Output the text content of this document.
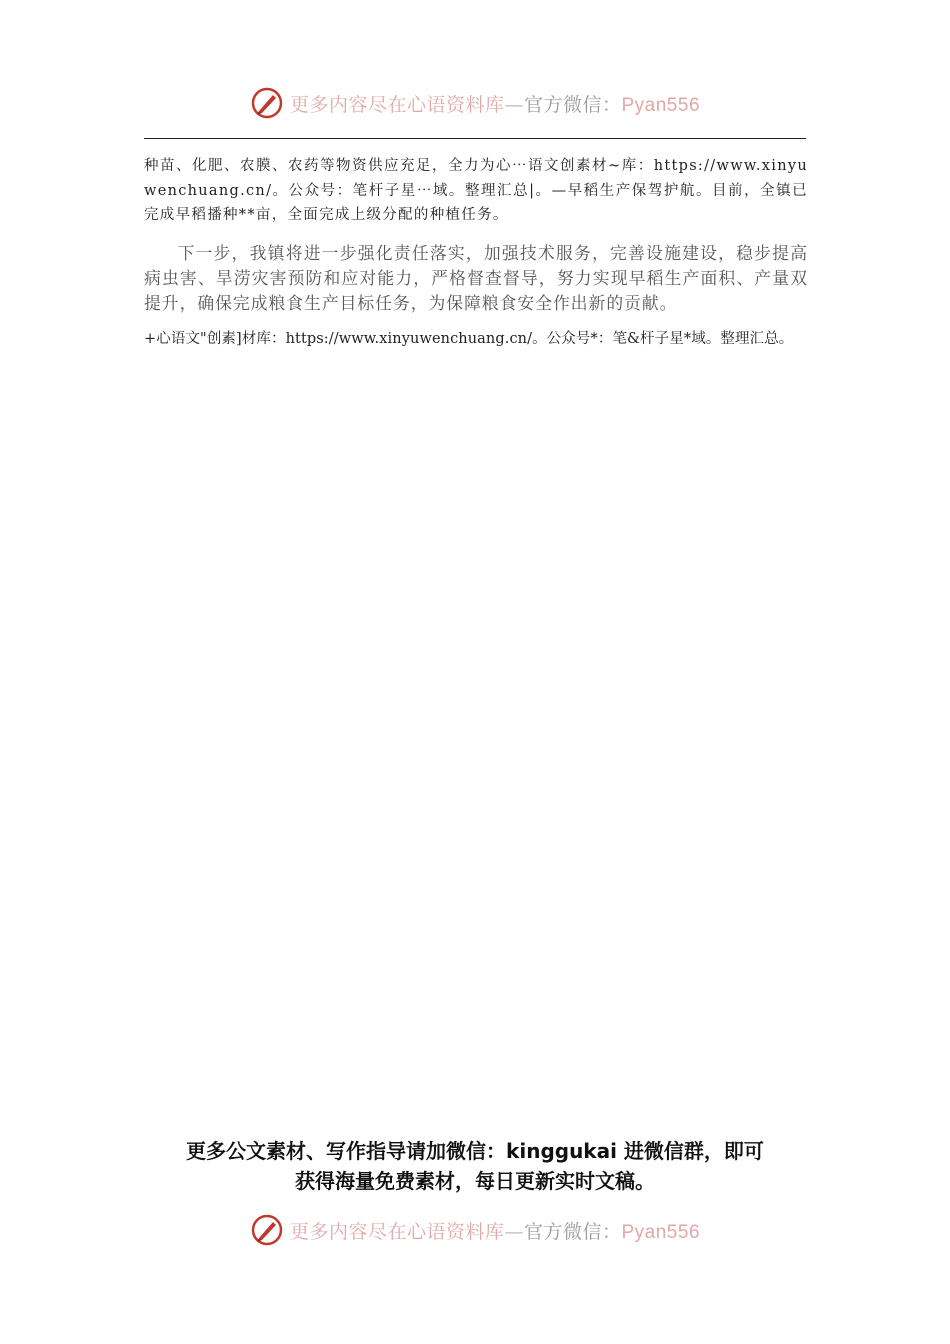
更多内容尽在心语资料库—官方微信：Pyan556

种苗、化肥、农膜、农药等物资供应充足，全力为心⋯语文创素材~库：https://www.xinyuwenchuang.cn/。公众号：笔杆子星⋯域。整理汇总|。—早稻生产保驾护航。目前，全镇已完成早稻播种**亩，全面完成上级分配的种植任务。

下一步，我镇将进一步强化责任落实，加强技术服务，完善设施建设，稳步提高病虫害、旱涝灾害预防和应对能力，严格督查督导，努力实现早稻生产面积、产量双提升，确保完成粮食生产目标任务，为保障粮食安全作出新的贡献。

+心语文"创素]材库：https://www.xinyuwenchuang.cn/。公众号*：笔&杆子星*域。整理汇总。

更多公文素材、写作指导请加微信：kinggukai 进微信群，即可
获得海量免费素材，每日更新实时文稿。
更多内容尽在心语资料库—官方微信：Pyan556
